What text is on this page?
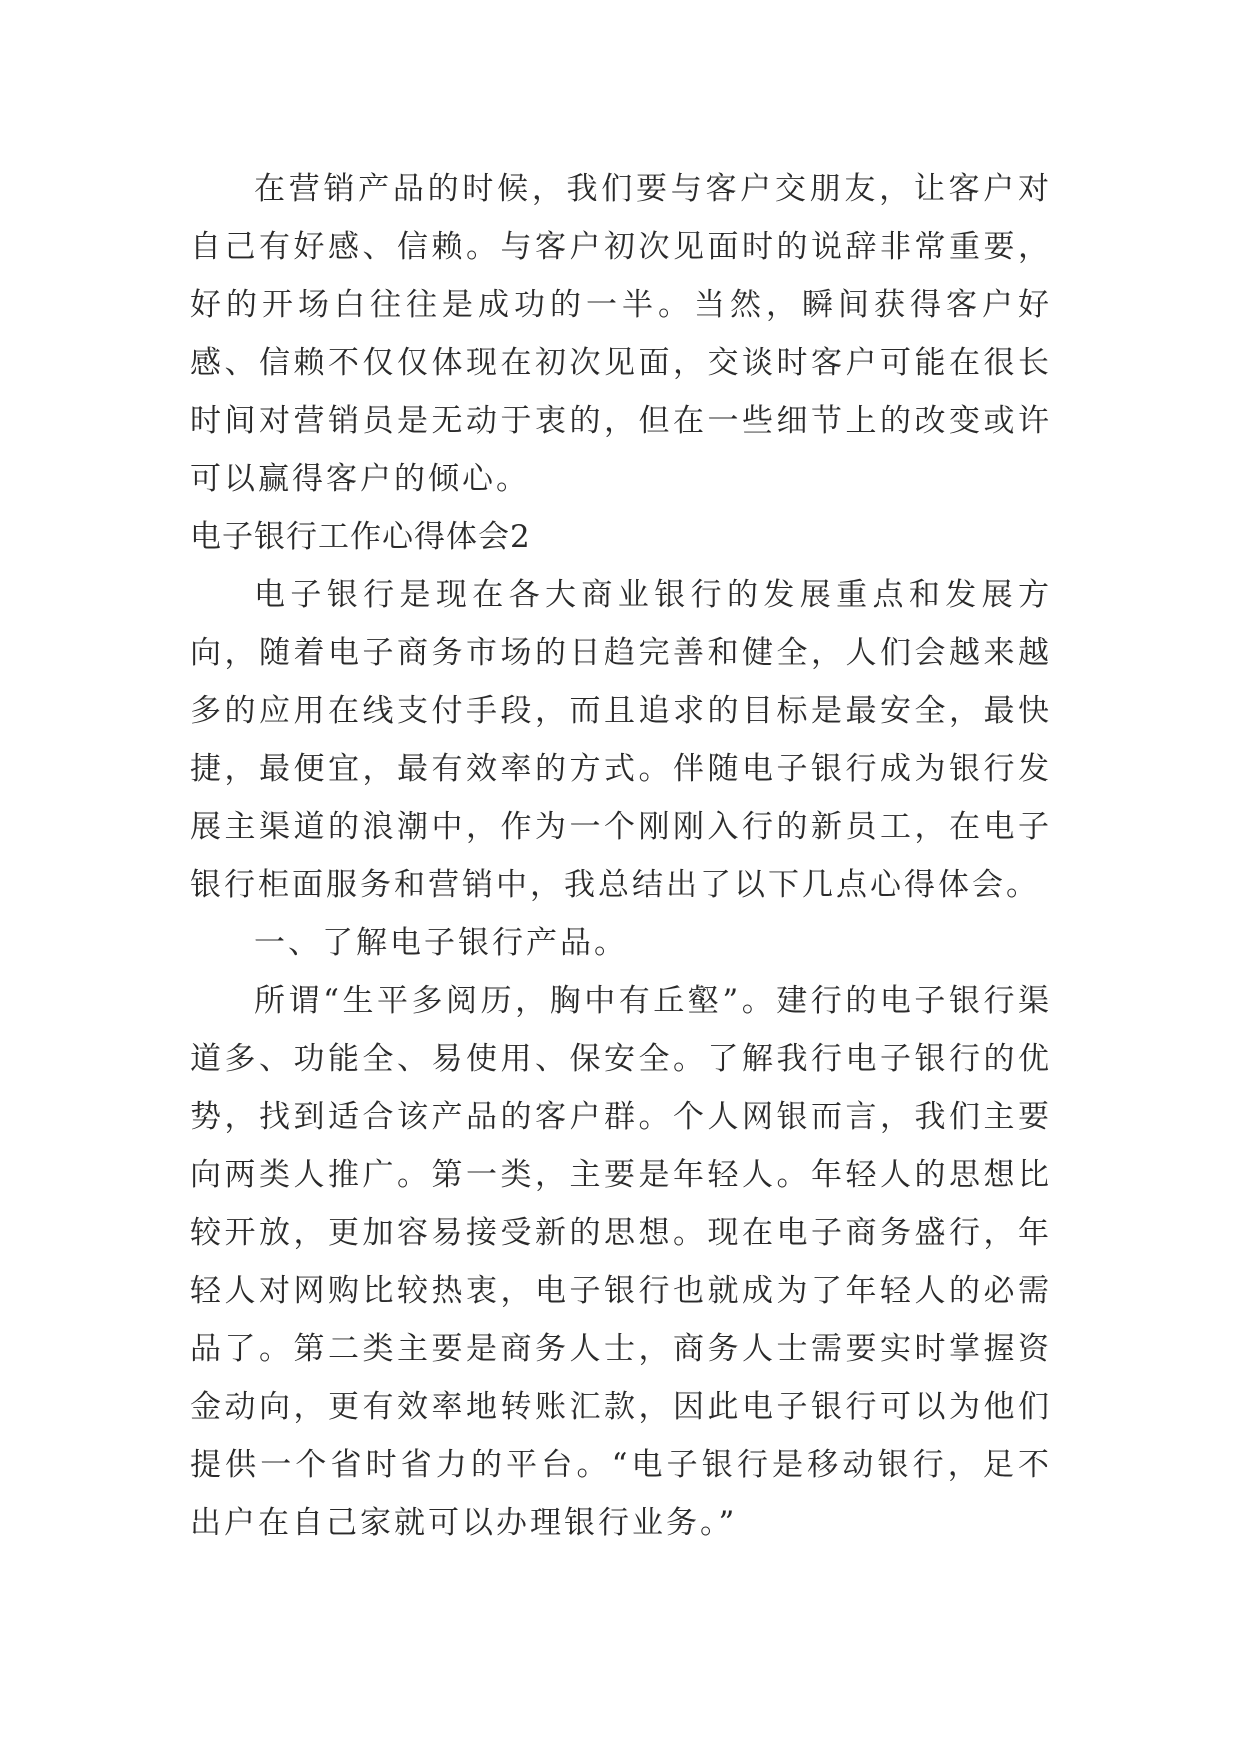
在营销产品的时候，我们要与客户交朋友，让客户对自己有好感、信赖。与客户初次见面时的说辞非常重要，好的开场白往往是成功的一半。当然，瞬间获得客户好感、信赖不仅仅体现在初次见面，交谈时客户可能在很长时间对营销员是无动于衷的，但在一些细节上的改变或许可以赢得客户的倾心。

电子银行工作心得体会2

电子银行是现在各大商业银行的发展重点和发展方向，随着电子商务市场的日趋完善和健全，人们会越来越多的应用在线支付手段，而且追求的目标是最安全，最快捷，最便宜，最有效率的方式。伴随电子银行成为银行发展主渠道的浪潮中，作为一个刚刚入行的新员工，在电子银行柜面服务和营销中，我总结出了以下几点心得体会。

一、了解电子银行产品。

所谓“生平多阅历，胸中有丘壑”。建行的电子银行渠道多、功能全、易使用、保安全。了解我行电子银行的优势，找到适合该产品的客户群。个人网银而言，我们主要向两类人推广。第一类，主要是年轻人。年轻人的思想比较开放，更加容易接受新的思想。现在电子商务盛行，年轻人对网购比较热衷，电子银行也就成为了年轻人的必需品了。第二类主要是商务人士，商务人士需要实时掌握资金动向，更有效率地转账汇款，因此电子银行可以为他们提供一个省时省力的平台。“电子银行是移动银行，足不出户在自己家就可以办理银行业务。”
